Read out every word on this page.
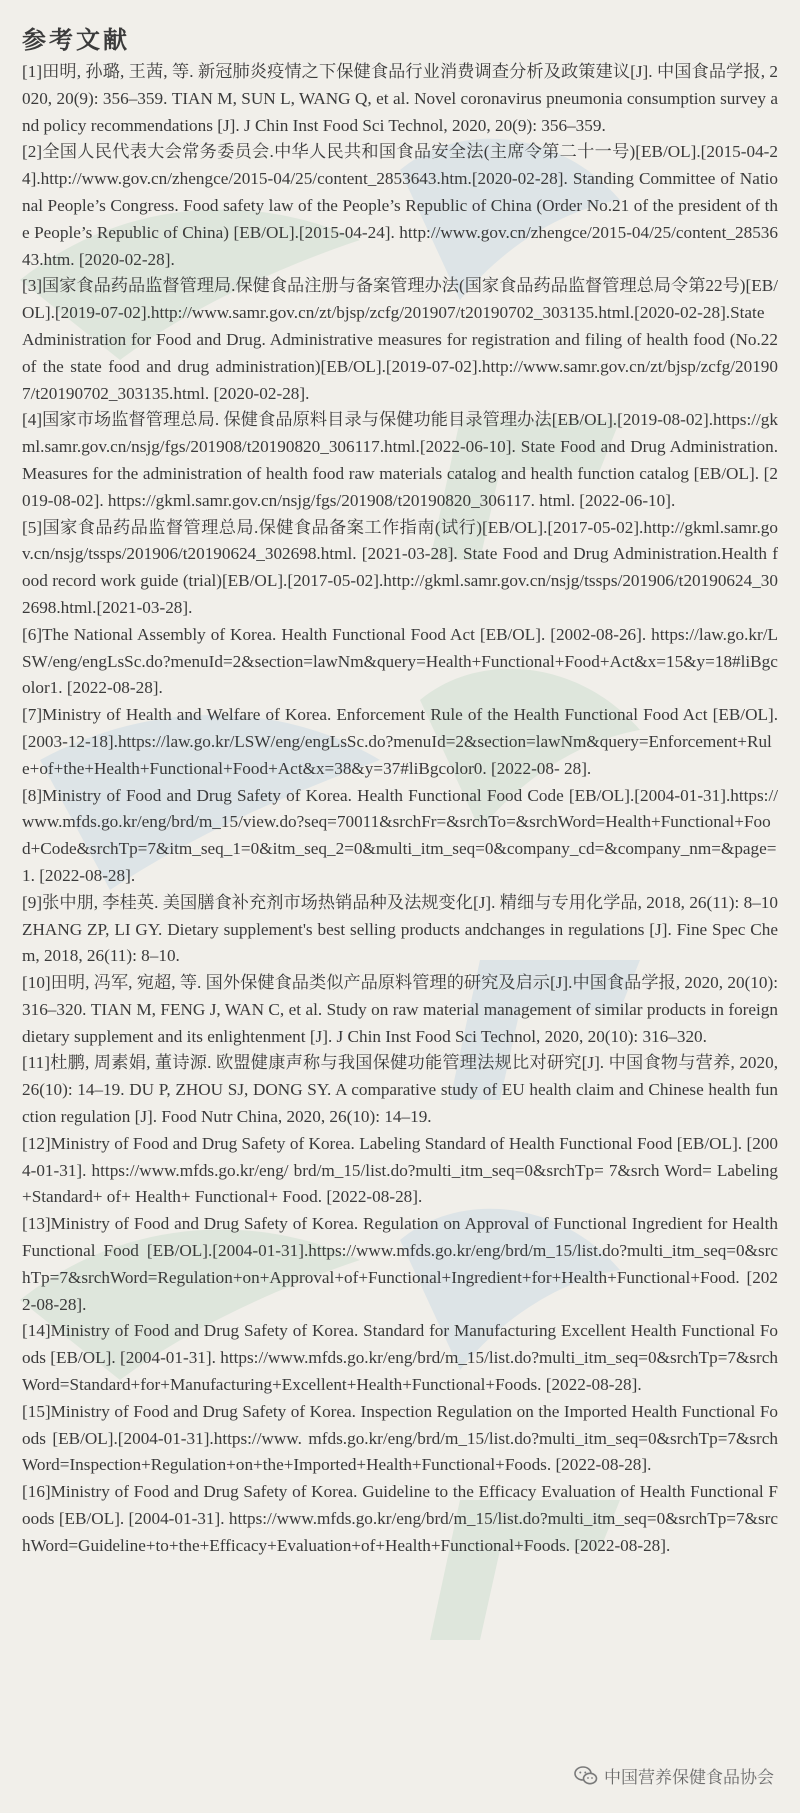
参考文献

[1]田明, 孙璐, 王茜, 等. 新冠肺炎疫情之下保健食品行业消费调查分析及政策建议[J]. 中国食品学报, 2020, 20(9): 356–359. TIAN M, SUN L, WANG Q, et al. Novel coronavirus pneumonia consumption survey and policy recommendations [J]. J Chin Inst Food Sci Technol, 2020, 20(9): 356–359.

[2]全国人民代表大会常务委员会.中华人民共和国食品安全法(主席令第二十一号)[EB/OL].[2015-04-24].http://www.gov.cn/zhengce/2015-04/25/content_2853643.htm.[2020-02-28]. Standing Committee of National People’s Congress. Food safety law of the People’s Republic of China (Order No.21 of the president of the People’s Republic of China) [EB/OL].[2015-04-24]. http://www.gov.cn/zhengce/2015-04/25/content_2853643.htm. [2020-02-28].

[3]国家食品药品监督管理局.保健食品注册与备案管理办法(国家食品药品监督管理总局令第22号)[EB/OL].[2019-07-02].http://www.samr.gov.cn/zt/bjsp/zcfg/201907/t20190702_303135.html.[2020-02-28].State Administration for Food and Drug. Administrative measures for registration and filing of health food (No.22 of the state food and drug administration)[EB/OL].[2019-07-02].http://www.samr.gov.cn/zt/bjsp/zcfg/201907/t20190702_303135.html. [2020-02-28].

[4]国家市场监督管理总局. 保健食品原料目录与保健功能目录管理办法[EB/OL].[2019-08-02].https://gkml.samr.gov.cn/nsjg/fgs/201908/t20190820_306117.html.[2022-06-10]. State Food and Drug Administration. Measures for the administration of health food raw materials catalog and health function catalog [EB/OL]. [2019-08-02]. https://gkml.samr.gov.cn/nsjg/fgs/201908/t20190820_306117. html. [2022-06-10].

[5]国家食品药品监督管理总局.保健食品备案工作指南(试行)[EB/OL].[2017-05-02].http://gkml.samr.gov.cn/nsjg/tssps/201906/t20190624_302698.html. [2021-03-28]. State Food and Drug Administration.Health food record work guide (trial)[EB/OL].[2017-05-02].http://gkml.samr.gov.cn/nsjg/tssps/201906/t20190624_302698.html.[2021-03-28].

[6]The National Assembly of Korea. Health Functional Food Act [EB/OL]. [2002-08-26]. https://law.go.kr/LSW/eng/engLsSc.do?menuId=2&section=lawNm&query=Health+Functional+Food+Act&x=15&y=18#liBgcolor1. [2022-08-28].

[7]Ministry of Health and Welfare of Korea. Enforcement Rule of the Health Functional Food Act [EB/OL].[2003-12-18].https://law.go.kr/LSW/eng/engLsSc.do?menuId=2&section=lawNm&query=Enforcement+Rule+of+the+Health+Functional+Food+Act&x=38&y=37#liBgcolor0. [2022-08- 28].

[8]Ministry of Food and Drug Safety of Korea. Health Functional Food Code [EB/OL].[2004-01-31].https://www.mfds.go.kr/eng/brd/m_15/view.do?seq=70011&srchFr=&srchTo=&srchWord=Health+Functional+Food+Code&srchTp=7&itm_seq_1=0&itm_seq_2=0&multi_itm_seq=0&company_cd=&company_nm=&page=1. [2022-08-28].

[9]张中朋, 李桂英. 美国膳食补充剂市场热销品种及法规变化[J]. 精细与专用化学品, 2018, 26(11): 8–10 ZHANG ZP, LI GY. Dietary supplement's best selling products andchanges in regulations [J]. Fine Spec Chem, 2018, 26(11): 8–10.

[10]田明, 冯军, 宛超, 等. 国外保健食品类似产品原料管理的研究及启示[J].中国食品学报, 2020, 20(10): 316–320. TIAN M, FENG J, WAN C, et al. Study on raw material management of similar products in foreign dietary supplement and its enlightenment [J]. J Chin Inst Food Sci Technol, 2020, 20(10): 316–320.

[11]杜鹏, 周素娟, 董诗源. 欧盟健康声称与我国保健功能管理法规比对研究[J]. 中国食物与营养, 2020, 26(10): 14–19. DU P, ZHOU SJ, DONG SY. A comparative study of EU health claim and Chinese health function regulation [J]. Food Nutr China, 2020, 26(10): 14–19.

[12]Ministry of Food and Drug Safety of Korea. Labeling Standard of Health Functional Food [EB/OL]. [2004-01-31]. https://www.mfds.go.kr/eng/ brd/m_15/list.do?multi_itm_seq=0&srchTp= 7&srch Word= Labeling+Standard+ of+ Health+ Functional+ Food. [2022-08-28].

[13]Ministry of Food and Drug Safety of Korea. Regulation on Approval of Functional Ingredient for Health Functional Food [EB/OL].[2004-01-31].https://www.mfds.go.kr/eng/brd/m_15/list.do?multi_itm_seq=0&srchTp=7&srchWord=Regulation+on+Approval+of+Functional+Ingredient+for+Health+Functional+Food. [2022-08-28].

[14]Ministry of Food and Drug Safety of Korea. Standard for Manufacturing Excellent Health Functional Foods [EB/OL]. [2004-01-31]. https://www.mfds.go.kr/eng/brd/m_15/list.do?multi_itm_seq=0&srchTp=7&srchWord=Standard+for+Manufacturing+Excellent+Health+Functional+Foods. [2022-08-28].

[15]Ministry of Food and Drug Safety of Korea. Inspection Regulation on the Imported Health Functional Foods [EB/OL].[2004-01-31].https://www. mfds.go.kr/eng/brd/m_15/list.do?multi_itm_seq=0&srchTp=7&srchWord=Inspection+Regulation+on+the+Imported+Health+Functional+Foods. [2022-08-28].

[16]Ministry of Food and Drug Safety of Korea. Guideline to the Efficacy Evaluation of Health Functional Foods [EB/OL]. [2004-01-31]. https://www.mfds.go.kr/eng/brd/m_15/list.do?multi_itm_seq=0&srchTp=7&srchWord=Guideline+to+the+Efficacy+Evaluation+of+Health+Functional+Foods. [2022-08-28].

中国营养保健食品协会
